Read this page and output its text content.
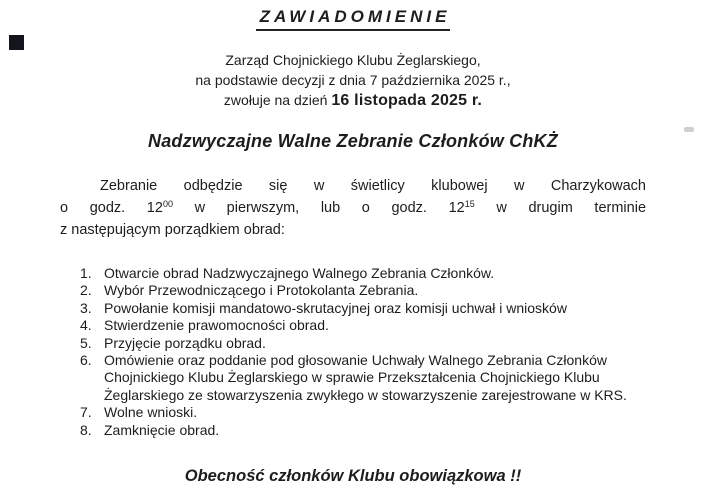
ZAWIADOMIENIE
Zarząd Chojnickiego Klubu Żeglarskiego,
na podstawie decyzji z dnia 7 października 2025 r.,
zwołuje na dzień 16 listopada 2025 r.
Nadzwyczajne Walne Zebranie Członków ChKŻ
Zebranie odbędzie się w świetlicy klubowej w Charzykowach
o godz. $12^{00}$ w pierwszym, lub o godz. $12^{15}$ w drugim terminie
z następującym porządkiem obrad:
1. Otwarcie obrad Nadzwyczajnego Walnego Zebrania Członków.
2. Wybór Przewodniczącego i Protokolanta Zebrania.
3. Powołanie komisji mandatowo-skrutacyjnej oraz komisji uchwał i wniosków
4. Stwierdzenie prawomocności obrad.
5. Przyjęcie porządku obrad.
6. Omówienie oraz poddanie pod głosowanie Uchwały Walnego Zebrania Członków Chojnickiego Klubu Żeglarskiego w sprawie Przekształcenia Chojnickiego Klubu Żeglarskiego ze stowarzyszenia zwykłego w stowarzyszenie zarejestrowane w KRS.
7. Wolne wnioski.
8. Zamknięcie obrad.
Obecność członków Klubu obowiązkowa !!
